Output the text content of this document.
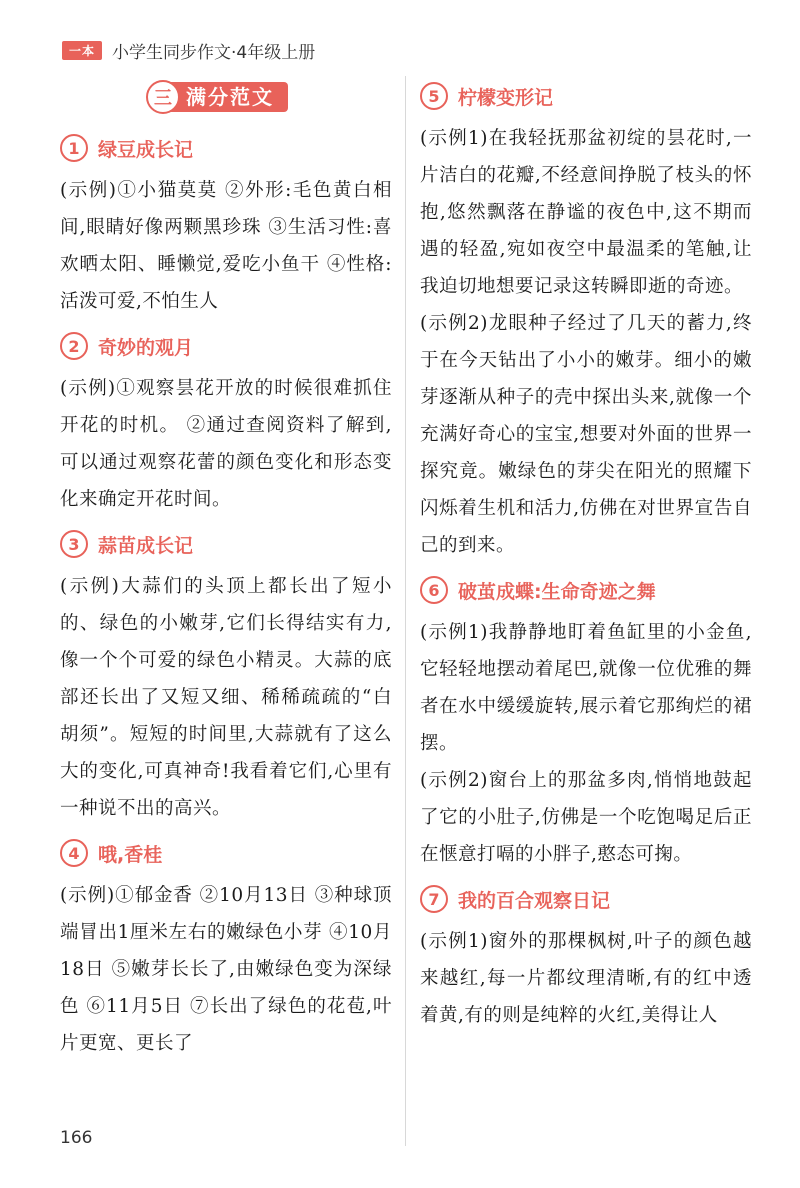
一本	小学生同步作文·4年级上册
三 满分范文
1 绿豆成长记

(示例)①小猫莫莫 ②外形:毛色黄白相间,眼睛好像两颗黑珍珠 ③生活习性:喜欢晒太阳、睡懒觉,爱吃小鱼干 ④性格:活泼可爱,不怕生人

2 奇妙的观月

(示例)①观察昙花开放的时候很难抓住开花的时机。 ②通过查阅资料了解到,可以通过观察花蕾的颜色变化和形态变化来确定开花时间。

3 蒜苗成长记

(示例)大蒜们的头顶上都长出了短小的、绿色的小嫩芽,它们长得结实有力,像一个个可爱的绿色小精灵。大蒜的底部还长出了又短又细、稀稀疏疏的“白胡须”。短短的时间里,大蒜就有了这么大的变化,可真神奇!我看着它们,心里有一种说不出的高兴。

4 哦,香桂

(示例)①郁金香 ②10月13日 ③种球顶端冒出1厘米左右的嫩绿色小芽 ④10月18日 ⑤嫩芽长长了,由嫩绿色变为深绿色 ⑥11月5日 ⑦长出了绿色的花苞,叶片更宽、更长了

5 柠檬变形记

(示例1)在我轻抚那盆初绽的昙花时,一片洁白的花瓣,不经意间挣脱了枝头的怀抱,悠然飘落在静谧的夜色中,这不期而遇的轻盈,宛如夜空中最温柔的笔触,让我迫切地想要记录这转瞬即逝的奇迹。

(示例2)龙眼种子经过了几天的蓄力,终于在今天钻出了小小的嫩芽。细小的嫩芽逐渐从种子的壳中探出头来,就像一个充满好奇心的宝宝,想要对外面的世界一探究竟。嫩绿色的芽尖在阳光的照耀下闪烁着生机和活力,仿佛在对世界宣告自己的到来。

6 破茧成蝶:生命奇迹之舞

(示例1)我静静地盯着鱼缸里的小金鱼,它轻轻地摆动着尾巴,就像一位优雅的舞者在水中缓缓旋转,展示着它那绚烂的裙摆。

(示例2)窗台上的那盆多肉,悄悄地鼓起了它的小肚子,仿佛是一个吃饱喝足后正在惬意打嗝的小胖子,憨态可掬。

7 我的百合观察日记

(示例1)窗外的那棵枫树,叶子的颜色越来越红,每一片都纹理清晰,有的红中透着黄,有的则是纯粹的火红,美得让人

166
